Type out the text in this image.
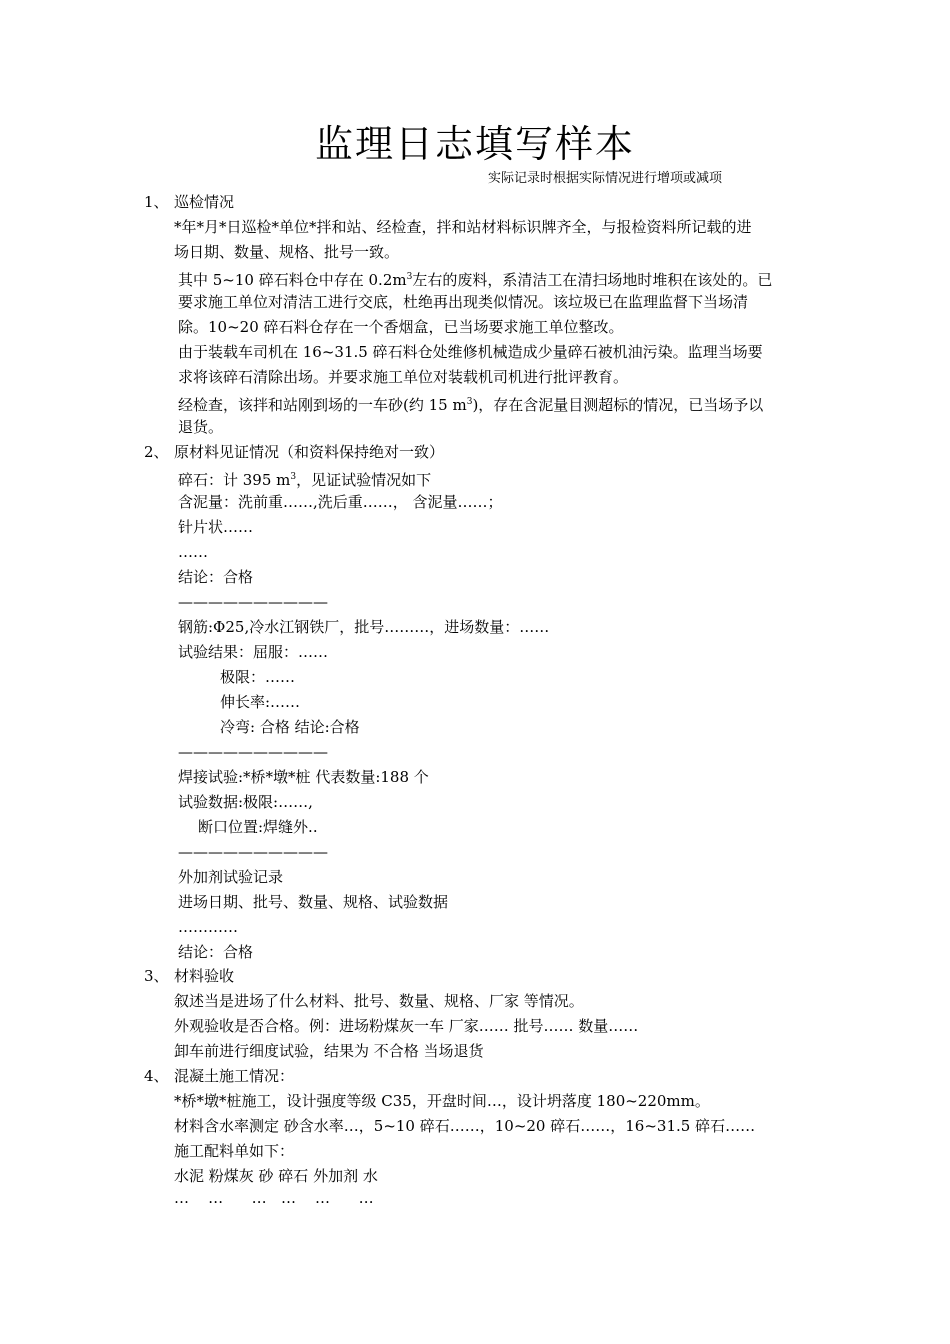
监理日志填写样本
实际记录时根据实际情况进行增项或减项
1、 巡检情况
*年*月*日巡检*单位*拌和站、经检查，拌和站材料标识牌齐全，与报检资料所记载的进
场日期、数量、规格、批号一致。
其中 5~10 碎石料仓中存在 $0.2m^3$左右的废料，系清洁工在清扫场地时堆积在该处的。已
要求施工单位对清洁工进行交底，杜绝再出现类似情况。该垃圾已在监理监督下当场清
除。10~20 碎石料仓存在一个香烟盒，已当场要求施工单位整改。
由于装载车司机在 16~31.5 碎石料仓处维修机械造成少量碎石被机油污染。监理当场要
求将该碎石清除出场。并要求施工单位对装载机司机进行批评教育。
经检查，该拌和站刚到场的一车砂(约 15 $m^3$)，存在含泥量目测超标的情况，已当场予以
退货。
2、 原材料见证情况（和资料保持绝对一致）
碎石：计 395 $m^3$，见证试验情况如下
含泥量：洗前重……,洗后重……， 含泥量……；
针片状……
……
结论：合格
——————————
钢筋:Φ25,冷水江钢铁厂，批号………，进场数量：……
试验结果：屈服：……
极限：……
伸长率:……
冷弯: 合格 结论:合格
——————————
焊接试验:*桥*墩*桩 代表数量:188 个
试验数据:极限:……,
断口位置:焊缝外..
——————————
外加剂试验记录
进场日期、批号、数量、规格、试验数据
…………
结论：合格
3、 材料验收
叙述当是进场了什么材料、批号、数量、规格、厂家 等情况。
外观验收是否合格。例：进场粉煤灰一车 厂家…… 批号…… 数量……
卸车前进行细度试验，结果为 不合格 当场退货
4、 混凝土施工情况：
*桥*墩*桩施工，设计强度等级 C35，开盘时间…，设计坍落度 180~220mm。
材料含水率测定 砂含水率…，5~10 碎石……，10~20 碎石……，16~31.5 碎石……
施工配料单如下：
水泥 粉煤灰 砂 碎石 外加剂 水
…    …      …   …    …      …
